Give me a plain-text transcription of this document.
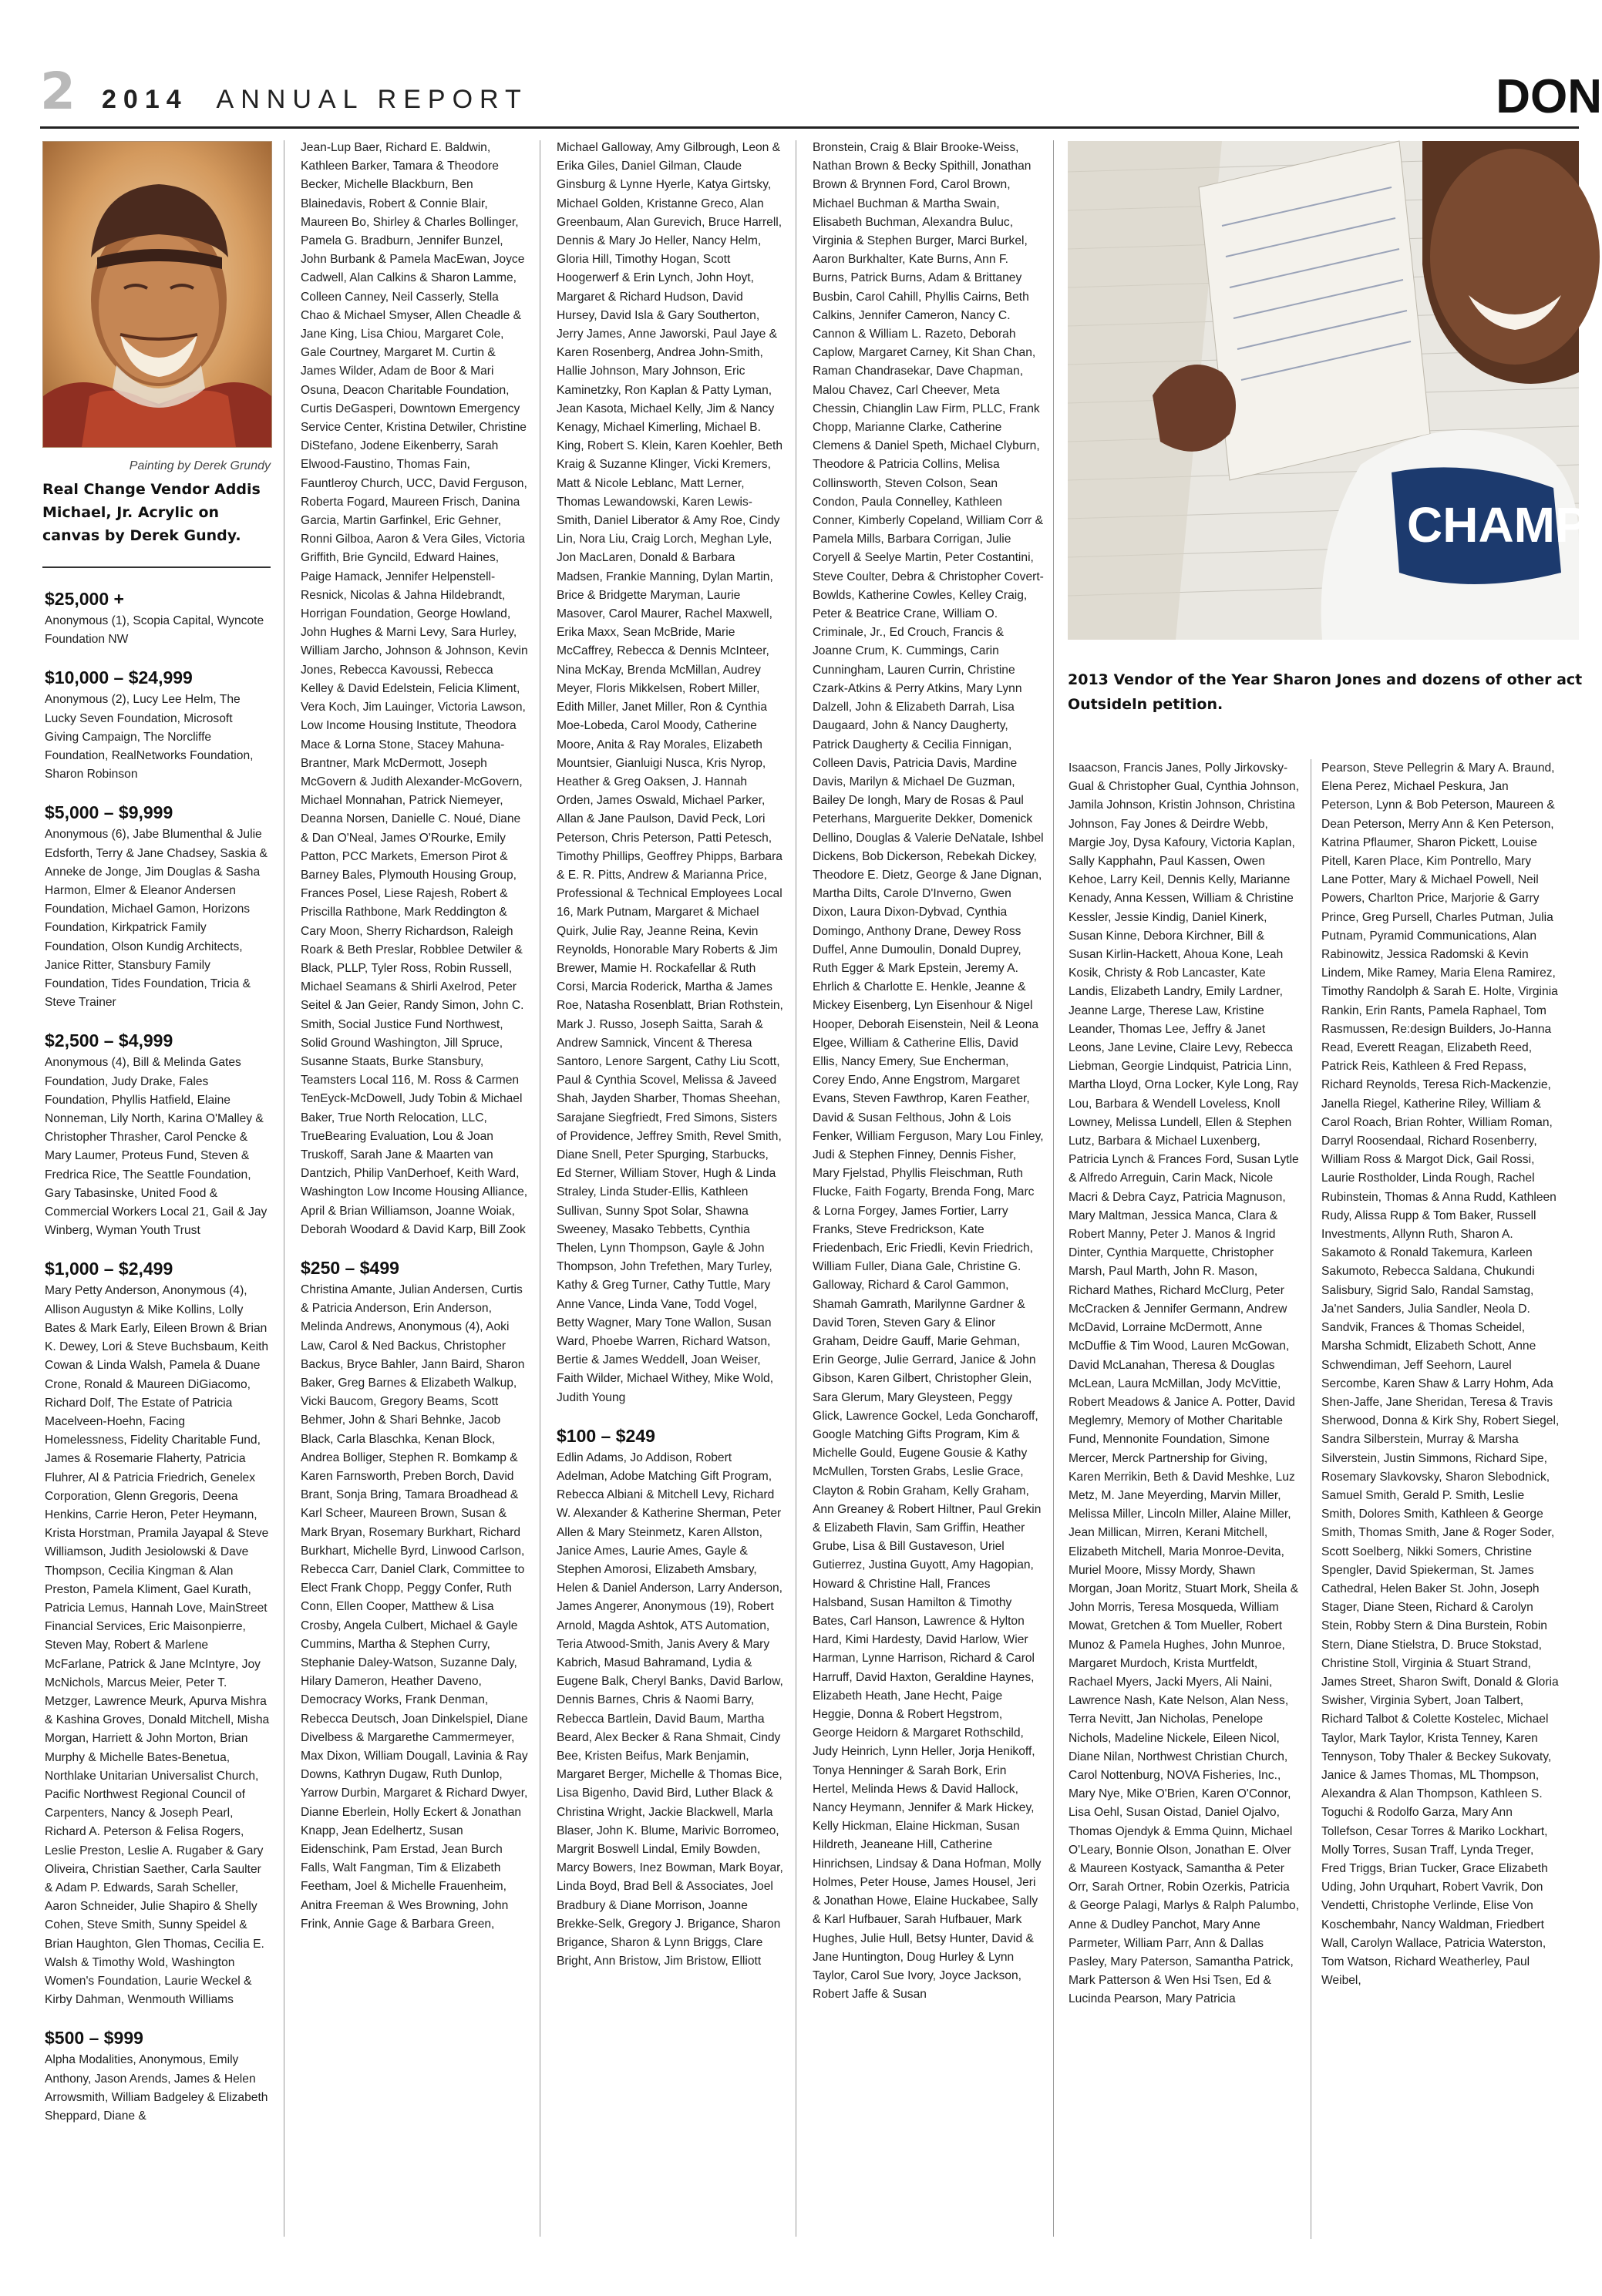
2 2014 ANNUAL REPORT	DON
Painting by Derek Grundy
Real Change Vendor Addis Michael, Jr. Acrylic on canvas by Derek Gundy.
$25,000 +

Anonymous (1), Scopia Capital, Wyncote Foundation NW

$10,000 – $24,999

Anonymous (2), Lucy Lee Helm, The Lucky Seven Foundation, Microsoft Giving Campaign, The Norcliffe Foundation, RealNetworks Foundation, Sharon Robinson

$5,000 – $9,999

Anonymous (6), Jabe Blumenthal & Julie Edsforth, Terry & Jane Chadsey, Saskia & Anneke de Jonge, Jim Douglas & Sasha Harmon, Elmer & Eleanor Andersen Foundation, Michael Gamon, Horizons Foundation, Kirkpatrick Family Foundation, Olson Kundig Architects, Janice Ritter, Stansbury Family Foundation, Tides Foundation, Tricia & Steve Trainer

$2,500 – $4,999

Anonymous (4), Bill & Melinda Gates Foundation, Judy Drake, Fales Foundation, Phyllis Hatfield, Elaine Nonneman, Lily North, Karina O'Malley & Christopher Thrasher, Carol Pencke & Mary Laumer, Proteus Fund, Steven & Fredrica Rice, The Seattle Foundation, Gary Tabasinske, United Food & Commercial Workers Local 21, Gail & Jay Winberg, Wyman Youth Trust

$1,000 – $2,499

Mary Petty Anderson, Anonymous (4), Allison Augustyn & Mike Kollins, Lolly Bates & Mark Early, Eileen Brown & Brian K. Dewey, Lori & Steve Buchsbaum, Keith Cowan & Linda Walsh, Pamela & Duane Crone, Ronald & Maureen DiGiacomo, Richard Dolf, The Estate of Patricia Macelveen-Hoehn, Facing Homelessness, Fidelity Charitable Fund, James & Rosemarie Flaherty, Patricia Fluhrer, Al & Patricia Friedrich, Genelex Corporation, Glenn Gregoris, Deena Henkins, Carrie Heron, Peter Heymann, Krista Horstman, Pramila Jayapal & Steve Williamson, Judith Jesiolowski & Dave Thompson, Cecilia Kingman & Alan Preston, Pamela Kliment, Gael Kurath, Patricia Lemus, Hannah Love, MainStreet Financial Services, Eric Maisonpierre, Steven May, Robert & Marlene McFarlane, Patrick & Jane McIntyre, Joy McNichols, Marcus Meier, Peter T. Metzger, Lawrence Meurk, Apurva Mishra & Kashina Groves, Donald Mitchell, Misha Morgan, Harriett & John Morton, Brian Murphy & Michelle Bates-Benetua, Northlake Unitarian Universalist Church, Pacific Northwest Regional Council of Carpenters, Nancy & Joseph Pearl, Richard A. Peterson & Felisa Rogers, Leslie Preston, Leslie A. Rugaber & Gary Oliveira, Christian Saether, Carla Saulter & Adam P. Edwards, Sarah Scheller, Aaron Schneider, Julie Shapiro & Shelly Cohen, Steve Smith, Sunny Speidel & Brian Haughton, Glen Thomas, Cecilia E. Walsh & Timothy Wold, Washington Women's Foundation, Laurie Weckel & Kirby Dahman, Wenmouth Williams

$500 – $999

Alpha Modalities, Anonymous, Emily Anthony, Jason Arends, James & Helen Arrowsmith, William Badgeley & Elizabeth Sheppard, Diane &

Jean-Lup Baer, Richard E. Baldwin, Kathleen Barker, Tamara & Theodore Becker, Michelle Blackburn, Ben Blainedavis, Robert & Connie Blair, Maureen Bo, Shirley & Charles Bollinger, Pamela G. Bradburn, Jennifer Bunzel, John Burbank & Pamela MacEwan, Joyce Cadwell, Alan Calkins & Sharon Lamme, Colleen Canney, Neil Casserly, Stella Chao & Michael Smyser, Allen Cheadle & Jane King, Lisa Chiou, Margaret Cole, Gale Courtney, Margaret M. Curtin & James Wilder, Adam de Boor & Mari Osuna, Deacon Charitable Foundation, Curtis DeGasperi, Downtown Emergency Service Center, Kristina Detwiler, Christine DiStefano, Jodene Eikenberry, Sarah Elwood-Faustino, Thomas Fain, Fauntleroy Church, UCC, David Ferguson, Roberta Fogard, Maureen Frisch, Danina Garcia, Martin Garfinkel, Eric Gehner, Ronni Gilboa, Aaron & Vera Giles, Victoria Griffith, Brie Gyncild, Edward Haines, Paige Hamack, Jennifer Helpenstell-Resnick, Nicolas & Jahna Hildebrandt, Horrigan Foundation, George Howland, John Hughes & Marni Levy, Sara Hurley, William Jarcho, Johnson & Johnson, Kevin Jones, Rebecca Kavoussi, Rebecca Kelley & David Edelstein, Felicia Kliment, Vera Koch, Jim Lauinger, Victoria Lawson, Low Income Housing Institute, Theodora Mace & Lorna Stone, Stacey Mahuna-Brantner, Mark McDermott, Joseph McGovern & Judith Alexander-McGovern, Michael Monnahan, Patrick Niemeyer, Deanna Norsen, Danielle C. Noué, Diane & Dan O'Neal, James O'Rourke, Emily Patton, PCC Markets, Emerson Pirot & Barney Bales, Plymouth Housing Group, Frances Posel, Liese Rajesh, Robert & Priscilla Rathbone, Mark Reddington & Cary Moon, Sherry Richardson, Raleigh Roark & Beth Preslar, Robblee Detwiler & Black, PLLP, Tyler Ross, Robin Russell, Michael Seamans & Shirli Axelrod, Peter Seitel & Jan Geier, Randy Simon, John C. Smith, Social Justice Fund Northwest, Solid Ground Washington, Jill Spruce, Susanne Staats, Burke Stansbury, Teamsters Local 116, M. Ross & Carmen TenEyck-McDowell, Judy Tobin & Michael Baker, True North Relocation, LLC, TrueBearing Evaluation, Lou & Joan Truskoff, Sarah Jane & Maarten van Dantzich, Philip VanDerhoef, Keith Ward, Washington Low Income Housing Alliance, April & Brian Williamson, Joanne Woiak, Deborah Woodard & David Karp, Bill Zook

$250 – $499

Christina Amante, Julian Andersen, Curtis & Patricia Anderson, Erin Anderson, Melinda Andrews, Anonymous (4), Aoki Law, Carol & Ned Backus, Christopher Backus, Bryce Bahler, Jann Baird, Sharon Baker, Greg Barnes & Elizabeth Walkup, Vicki Baucom, Gregory Beams, Scott Behmer, John & Shari Behnke, Jacob Black, Carla Blaschka, Kenan Block, Andrea Bolliger, Stephen R. Bomkamp & Karen Farnsworth, Preben Borch, David Brant, Sonja Bring, Tamara Broadhead & Karl Scheer, Maureen Brown, Susan & Mark Bryan, Rosemary Burkhart, Richard Burkhart, Michelle Byrd, Linwood Carlson, Rebecca Carr, Daniel Clark, Committee to Elect Frank Chopp, Peggy Confer, Ruth Conn, Ellen Cooper, Matthew & Lisa Crosby, Angela Culbert, Michael & Gayle Cummins, Martha & Stephen Curry, Stephanie Daley-Watson, Suzanne Daly, Hilary Dameron, Heather Daveno, Democracy Works, Frank Denman, Rebecca Deutsch, Joan Dinkelspiel, Diane Divelbess & Margarethe Cammermeyer, Max Dixon, William Dougall, Lavinia & Ray Downs, Kathryn Dugaw, Ruth Dunlop, Yarrow Durbin, Margaret & Richard Dwyer, Dianne Eberlein, Holly Eckert & Jonathan Knapp, Jean Edelhertz, Susan Eidenschink, Pam Erstad, Jean Burch Falls, Walt Fangman, Tim & Elizabeth Feetham, Joel & Michelle Frauenheim, Anitra Freeman & Wes Browning, John Frink, Annie Gage & Barbara Green,

Michael Galloway, Amy Gilbrough, Leon & Erika Giles, Daniel Gilman, Claude Ginsburg & Lynne Hyerle, Katya Girtsky, Michael Golden, Kristanne Greco, Alan Greenbaum, Alan Gurevich, Bruce Harrell, Dennis & Mary Jo Heller, Nancy Helm, Gloria Hill, Timothy Hogan, Scott Hoogerwerf & Erin Lynch, John Hoyt, Margaret & Richard Hudson, David Hursey, David Isla & Gary Southerton, Jerry James, Anne Jaworski, Paul Jaye & Karen Rosenberg, Andrea John-Smith, Hallie Johnson, Mary Johnson, Eric Kaminetzky, Ron Kaplan & Patty Lyman, Jean Kasota, Michael Kelly, Jim & Nancy Kenagy, Michael Kimerling, Michael B. King, Robert S. Klein, Karen Koehler, Beth Kraig & Suzanne Klinger, Vicki Kremers, Matt & Nicole Leblanc, Matt Lerner, Thomas Lewandowski, Karen Lewis-Smith, Daniel Liberator & Amy Roe, Cindy Lin, Nora Liu, Craig Lorch, Meghan Lyle, Jon MacLaren, Donald & Barbara Madsen, Frankie Manning, Dylan Martin, Brice & Bridgette Maryman, Laurie Masover, Carol Maurer, Rachel Maxwell, Erika Maxx, Sean McBride, Marie McCaffrey, Rebecca & Dennis McInteer, Nina McKay, Brenda McMillan, Audrey Meyer, Floris Mikkelsen, Robert Miller, Edith Miller, Janet Miller, Ron & Cynthia Moe-Lobeda, Carol Moody, Catherine Moore, Anita & Ray Morales, Elizabeth Mountsier, Gianluigi Nusca, Kris Nyrop, Heather & Greg Oaksen, J. Hannah Orden, James Oswald, Michael Parker, Allan & Jane Paulson, David Peck, Lori Peterson, Chris Peterson, Patti Petesch, Timothy Phillips, Geoffrey Phipps, Barbara & E. R. Pitts, Andrew & Marianna Price, Professional & Technical Employees Local 16, Mark Putnam, Margaret & Michael Quirk, Julie Ray, Jeanne Reina, Kevin Reynolds, Honorable Mary Roberts & Jim Brewer, Mamie H. Rockafellar & Ruth Corsi, Marcia Roderick, Martha & James Roe, Natasha Rosenblatt, Brian Rothstein, Mark J. Russo, Joseph Saitta, Sarah & Andrew Samnick, Vincent & Theresa Santoro, Lenore Sargent, Cathy Liu Scott, Paul & Cynthia Scovel, Melissa & Javeed Shah, Jayden Sharber, Thomas Sheehan, Sarajane Siegfriedt, Fred Simons, Sisters of Providence, Jeffrey Smith, Revel Smith, Diane Snell, Peter Spurging, Starbucks, Ed Sterner, William Stover, Hugh & Linda Straley, Linda Studer-Ellis, Kathleen Sullivan, Sunny Spot Solar, Shawna Sweeney, Masako Tebbetts, Cynthia Thelen, Lynn Thompson, Gayle & John Thompson, John Trefethen, Mary Turley, Kathy & Greg Turner, Cathy Tuttle, Mary Anne Vance, Linda Vane, Todd Vogel, Betty Wagner, Mary Tone Wallon, Susan Ward, Phoebe Warren, Richard Watson, Bertie & James Weddell, Joan Weiser, Faith Wilder, Michael Withey, Mike Wold, Judith Young

$100 – $249

Edlin Adams, Jo Addison, Robert Adelman, Adobe Matching Gift Program, Rebecca Albiani & Mitchell Levy, Richard W. Alexander & Katherine Sherman, Peter Allen & Mary Steinmetz, Karen Allston, Janice Ames, Laurie Ames, Gayle & Stephen Amorosi, Elizabeth Amsbary, Helen & Daniel Anderson, Larry Anderson, James Angerer, Anonymous (19), Robert Arnold, Magda Ashtok, ATS Automation, Teria Atwood-Smith, Janis Avery & Mary Kabrich, Masud Bahramand, Lydia & Eugene Balk, Cheryl Banks, David Barlow, Dennis Barnes, Chris & Naomi Barry, Rebecca Bartlein, David Baum, Martha Beard, Alex Becker & Rana Shmait, Cindy Bee, Kristen Beifus, Mark Benjamin, Margaret Berger, Michelle & Thomas Bice, Lisa Bigenho, David Bird, Luther Black & Christina Wright, Jackie Blackwell, Marla Blaser, John K. Blume, Marivic Borromeo, Margrit Boswell Lindal, Emily Bowden, Marcy Bowers, Inez Bowman, Mark Boyar, Linda Boyd, Brad Bell & Associates, Joel Bradbury & Diane Morrison, Joanne Brekke-Selk, Gregory J. Brigance, Sharon Brigance, Sharon & Lynn Briggs, Clare Bright, Ann Bristow, Jim Bristow, Elliott

Bronstein, Craig & Blair Brooke-Weiss, Nathan Brown & Becky Spithill, Jonathan Brown & Brynnen Ford, Carol Brown, Michael Buchman & Martha Swain, Elisabeth Buchman, Alexandra Buluc, Virginia & Stephen Burger, Marci Burkel, Aaron Burkhalter, Kate Burns, Ann F. Burns, Patrick Burns, Adam & Brittaney Busbin, Carol Cahill, Phyllis Cairns, Beth Calkins, Jennifer Cameron, Nancy C. Cannon & William L. Razeto, Deborah Caplow, Margaret Carney, Kit Shan Chan, Raman Chandrasekar, Dave Chapman, Malou Chavez, Carl Cheever, Meta Chessin, Chianglin Law Firm, PLLC, Frank Chopp, Marianne Clarke, Catherine Clemens & Daniel Speth, Michael Clyburn, Theodore & Patricia Collins, Melisa Collinsworth, Steven Colson, Sean Condon, Paula Connelley, Kathleen Conner, Kimberly Copeland, William Corr & Pamela Mills, Barbara Corrigan, Julie Coryell & Seelye Martin, Peter Costantini, Steve Coulter, Debra & Christopher Covert-Bowlds, Katherine Cowles, Kelley Craig, Peter & Beatrice Crane, William O. Criminale, Jr., Ed Crouch, Francis & Joanne Crum, K. Cummings, Carin Cunningham, Lauren Currin, Christine Czark-Atkins & Perry Atkins, Mary Lynn Dalzell, John & Elizabeth Darrah, Lisa Daugaard, John & Nancy Daugherty, Patrick Daugherty & Cecilia Finnigan, Colleen Davis, Patricia Davis, Mardine Davis, Marilyn & Michael De Guzman, Bailey De Iongh, Mary de Rosas & Paul Peterhans, Marguerite Dekker, Domenick Dellino, Douglas & Valerie DeNatale, Ishbel Dickens, Bob Dickerson, Rebekah Dickey, Theodore E. Dietz, George & Jane Dignan, Martha Dilts, Carole D'Inverno, Gwen Dixon, Laura Dixon-Dybvad, Cynthia Domingo, Anthony Drane, Dewey Ross Duffel, Anne Dumoulin, Donald Duprey, Ruth Egger & Mark Epstein, Jeremy A. Ehrlich & Charlotte E. Henkle, Jeanne & Mickey Eisenberg, Lyn Eisenhour & Nigel Hooper, Deborah Eisenstein, Neil & Leona Elgee, William & Catherine Ellis, David Ellis, Nancy Emery, Sue Encherman, Corey Endo, Anne Engstrom, Margaret Evans, Steven Fawthrop, Karen Feather, David & Susan Felthous, John & Lois Fenker, William Ferguson, Mary Lou Finley, Judi & Stephen Finney, Dennis Fisher, Mary Fjelstad, Phyllis Fleischman, Ruth Flucke, Faith Fogarty, Brenda Fong, Marc & Lorna Forgey, James Fortier, Larry Franks, Steve Fredrickson, Kate Friedenbach, Eric Friedli, Kevin Friedrich, William Fuller, Diana Gale, Christine G. Galloway, Richard & Carol Gammon, Shamah Gamrath, Marilynne Gardner & David Toren, Steven Gary & Elinor Graham, Deidre Gauff, Marie Gehman, Erin George, Julie Gerrard, Janice & John Gibson, Karen Gilbert, Christopher Glein, Sara Glerum, Mary Gleysteen, Peggy Glick, Lawrence Gockel, Leda Goncharoff, Google Matching Gifts Program, Kim & Michelle Gould, Eugene Gousie & Kathy McMullen, Torsten Grabs, Leslie Grace, Clayton & Robin Graham, Kelly Graham, Ann Greaney & Robert Hiltner, Paul Grekin & Elizabeth Flavin, Sam Griffin, Heather Grube, Lisa & Bill Gustaveson, Uriel Gutierrez, Justina Guyott, Amy Hagopian, Howard & Christine Hall, Frances Halsband, Susan Hamilton & Timothy Bates, Carl Hanson, Lawrence & Hylton Hard, Kimi Hardesty, David Harlow, Wier Harman, Lynne Harrison, Richard & Carol Harruff, David Haxton, Geraldine Haynes, Elizabeth Heath, Jane Hecht, Paige Heggie, Donna & Robert Hegstrom, George Heidorn & Margaret Rothschild, Judy Heinrich, Lynn Heller, Jorja Henikoff, Tonya Henninger & Sarah Bork, Erin Hertel, Melinda Hews & David Hallock, Nancy Heymann, Jennifer & Mark Hickey, Kelly Hickman, Elaine Hickman, Susan Hildreth, Jeaneane Hill, Catherine Hinrichsen, Lindsay & Dana Hofman, Molly Holmes, Peter House, James Housel, Jeri & Jonathan Howe, Elaine Huckabee, Sally & Karl Hufbauer, Sarah Hufbauer, Mark Hughes, Julie Hull, Betsy Hunter, David & Jane Huntington, Doug Hurley & Lynn Taylor, Carol Sue Ivory, Joyce Jackson, Robert Jaffe & Susan

CHAMP
2013 Vendor of the Year Sharon Jones and dozens of other act
Outsideln petition.

Isaacson, Francis Janes, Polly Jirkovsky-Gual & Christopher Gual, Cynthia Johnson, Jamila Johnson, Kristin Johnson, Christina Johnson, Fay Jones & Deirdre Webb, Margie Joy, Dysa Kafoury, Victoria Kaplan, Sally Kapphahn, Paul Kassen, Owen Kehoe, Larry Keil, Dennis Kelly, Marianne Kenady, Anna Kessen, William & Christine Kessler, Jessie Kindig, Daniel Kinerk, Susan Kinne, Debora Kirchner, Bill & Susan Kirlin-Hackett, Ahoua Kone, Leah Kosik, Christy & Rob Lancaster, Kate Landis, Elizabeth Landry, Emily Lardner, Jeanne Large, Therese Law, Kristine Leander, Thomas Lee, Jeffry & Janet Leons, Jane Levine, Claire Levy, Rebecca Liebman, Georgie Lindquist, Patricia Linn, Martha Lloyd, Orna Locker, Kyle Long, Ray Lou, Barbara & Wendell Loveless, Knoll Lowney, Melissa Lundell, Ellen & Stephen Lutz, Barbara & Michael Luxenberg, Patricia Lynch & Frances Ford, Susan Lytle & Alfredo Arreguin, Carin Mack, Nicole Macri & Debra Cayz, Patricia Magnuson, Mary Maltman, Jessica Manca, Clara & Robert Manny, Peter J. Manos & Ingrid Dinter, Cynthia Marquette, Christopher Marsh, Paul Marth, John R. Mason, Richard Mathes, Richard McClurg, Peter McCracken & Jennifer Germann, Andrew McDavid, Lorraine McDermott, Anne McDuffie & Tim Wood, Lauren McGowan, David McLanahan, Theresa & Douglas McLean, Laura McMillan, Jody McVittie, Robert Meadows & Janice A. Potter, David Meglemry, Memory of Mother Charitable Fund, Mennonite Foundation, Simone Mercer, Merck Partnership for Giving, Karen Merrikin, Beth & David Meshke, Luz Metz, M. Jane Meyerding, Marvin Miller, Melissa Miller, Lincoln Miller, Alaine Miller, Jean Millican, Mirren, Kerani Mitchell, Elizabeth Mitchell, Maria Monroe-Devita, Muriel Moore, Missy Mordy, Shawn Morgan, Joan Moritz, Stuart Mork, Sheila & John Morris, Teresa Mosqueda, William Mowat, Gretchen & Tom Mueller, Robert Munoz & Pamela Hughes, John Munroe, Margaret Murdoch, Krista Murtfeldt, Rachael Myers, Jacki Myers, Ali Naini, Lawrence Nash, Kate Nelson, Alan Ness, Terra Nevitt, Jan Nicholas, Penelope Nichols, Madeline Nickele, Eileen Nicol, Diane Nilan, Northwest Christian Church, Carol Nottenburg, NOVA Fisheries, Inc., Mary Nye, Mike O'Brien, Karen O'Connor, Lisa Oehl, Susan Oistad, Daniel Ojalvo, Thomas Ojendyk & Emma Quinn, Michael O'Leary, Bonnie Olson, Jonathan E. Olver & Maureen Kostyack, Samantha & Peter Orr, Sarah Ortner, Robin Ozerkis, Patricia & George Palagi, Marlys & Ralph Palumbo, Anne & Dudley Panchot, Mary Anne Parmeter, William Parr, Ann & Dallas Pasley, Mary Paterson, Samantha Patrick, Mark Patterson & Wen Hsi Tsen, Ed & Lucinda Pearson, Mary Patricia

Pearson, Steve Pellegrin & Mary A. Braund, Elena Perez, Michael Peskura, Jan Peterson, Lynn & Bob Peterson, Maureen & Dean Peterson, Merry Ann & Ken Peterson, Katrina Pflaumer, Sharon Pickett, Louise Pitell, Karen Place, Kim Pontrello, Mary Lane Potter, Mary & Michael Powell, Neil Powers, Charlton Price, Marjorie & Garry Prince, Greg Pursell, Charles Putman, Julia Putnam, Pyramid Communications, Alan Rabinowitz, Jessica Radomski & Kevin Lindem, Mike Ramey, Maria Elena Ramirez, Timothy Randolph & Sarah E. Holte, Virginia Rankin, Erin Rants, Pamela Raphael, Tom Rasmussen, Re:design Builders, Jo-Hanna Read, Everett Reagan, Elizabeth Reed, Patrick Reis, Kathleen & Fred Repass, Richard Reynolds, Teresa Rich-Mackenzie, Janella Riegel, Katherine Riley, William & Carol Roach, Brian Rohter, William Roman, Darryl Roosendaal, Richard Rosenberry, William Ross & Margot Dick, Gail Rossi, Laurie Rostholder, Linda Rough, Rachel Rubinstein, Thomas & Anna Rudd, Kathleen Rudy, Alissa Rupp & Tom Baker, Russell Investments, Allynn Ruth, Sharon A. Sakamoto & Ronald Takemura, Karleen Sakumoto, Rebecca Saldana, Chukundi Salisbury, Sigrid Salo, Randal Samstag, Ja'net Sanders, Julia Sandler, Neola D. Sandvik, Frances & Thomas Scheidel, Marsha Schmidt, Elizabeth Schott, Anne Schwendiman, Jeff Seehorn, Laurel Sercombe, Karen Shaw & Larry Hohm, Ada Shen-Jaffe, Jane Sheridan, Teresa & Travis Sherwood, Donna & Kirk Shy, Robert Siegel, Sandra Silberstein, Murray & Marsha Silverstein, Justin Simmons, Richard Sipe, Rosemary Slavkovsky, Sharon Slebodnick, Samuel Smith, Gerald P. Smith, Leslie Smith, Dolores Smith, Kathleen & George Smith, Thomas Smith, Jane & Roger Soder, Scott Soelberg, Nikki Somers, Christine Spengler, David Spiekerman, St. James Cathedral, Helen Baker St. John, Joseph Stager, Diane Steen, Richard & Carolyn Stein, Robby Stern & Dina Burstein, Robin Stern, Diane Stielstra, D. Bruce Stokstad, Christine Stoll, Virginia & Stuart Strand, James Street, Sharon Swift, Donald & Gloria Swisher, Virginia Sybert, Joan Talbert, Richard Talbot & Colette Kostelec, Michael Taylor, Mark Taylor, Krista Tenney, Karen Tennyson, Toby Thaler & Beckey Sukovaty, Janice & James Thomas, ML Thompson, Alexandra & Alan Thompson, Kathleen S. Toguchi & Rodolfo Garza, Mary Ann Tollefson, Cesar Torres & Mariko Lockhart, Molly Torres, Susan Traff, Lynda Treger, Fred Triggs, Brian Tucker, Grace Elizabeth Uding, John Urquhart, Robert Vavrik, Don Vendetti, Christophe Verlinde, Elise Von Koschembahr, Nancy Waldman, Friedbert Wall, Carolyn Wallace, Patricia Waterston, Tom Watson, Richard Weatherley, Paul Weibel,
